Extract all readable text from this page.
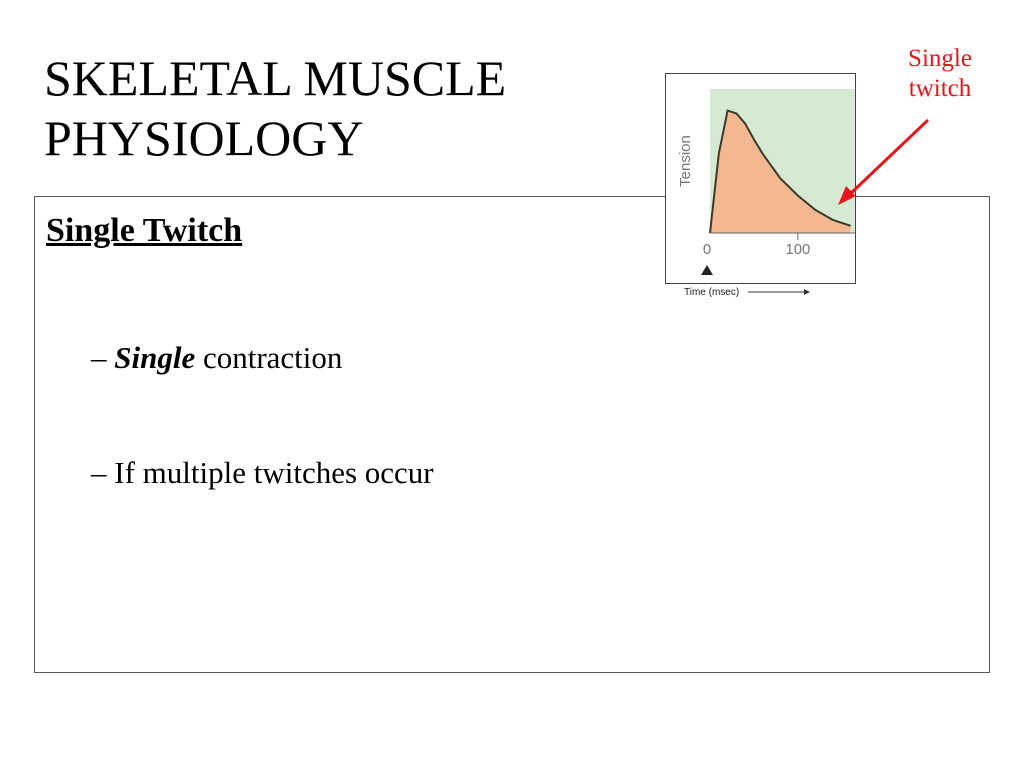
SKELETAL MUSCLE
PHYSIOLOGY
Single Twitch
– Single contraction
– If multiple twitches occur
Tension
0	100
Time (msec)
Single
twitch
